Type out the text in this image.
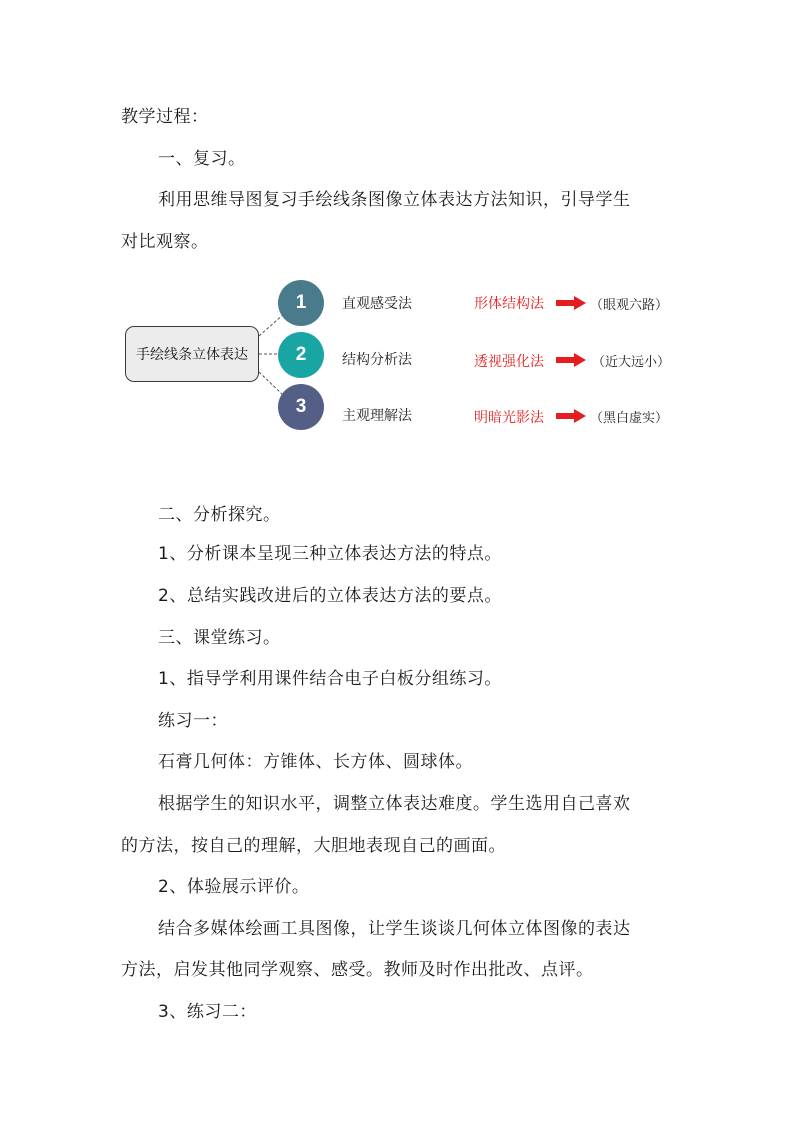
教学过程：
一、复习。
利用思维导图复习手绘线条图像立体表达方法知识，引导学生
对比观察。
手绘线条立体表达
1	直观感受法	形体结构法	（眼观六路）
2	结构分析法	透视强化法	（近大远小）
3	主观理解法	明暗光影法	（黑白虚实）
二、分析探究。
1、分析课本呈现三种立体表达方法的特点。
2、总结实践改进后的立体表达方法的要点。
三、课堂练习。
1、指导学利用课件结合电子白板分组练习。
练习一：
石膏几何体：方锥体、长方体、圆球体。
根据学生的知识水平，调整立体表达难度。学生选用自己喜欢
的方法，按自己的理解，大胆地表现自己的画面。
2、体验展示评价。
结合多媒体绘画工具图像，让学生谈谈几何体立体图像的表达
方法，启发其他同学观察、感受。教师及时作出批改、点评。
3、练习二：
